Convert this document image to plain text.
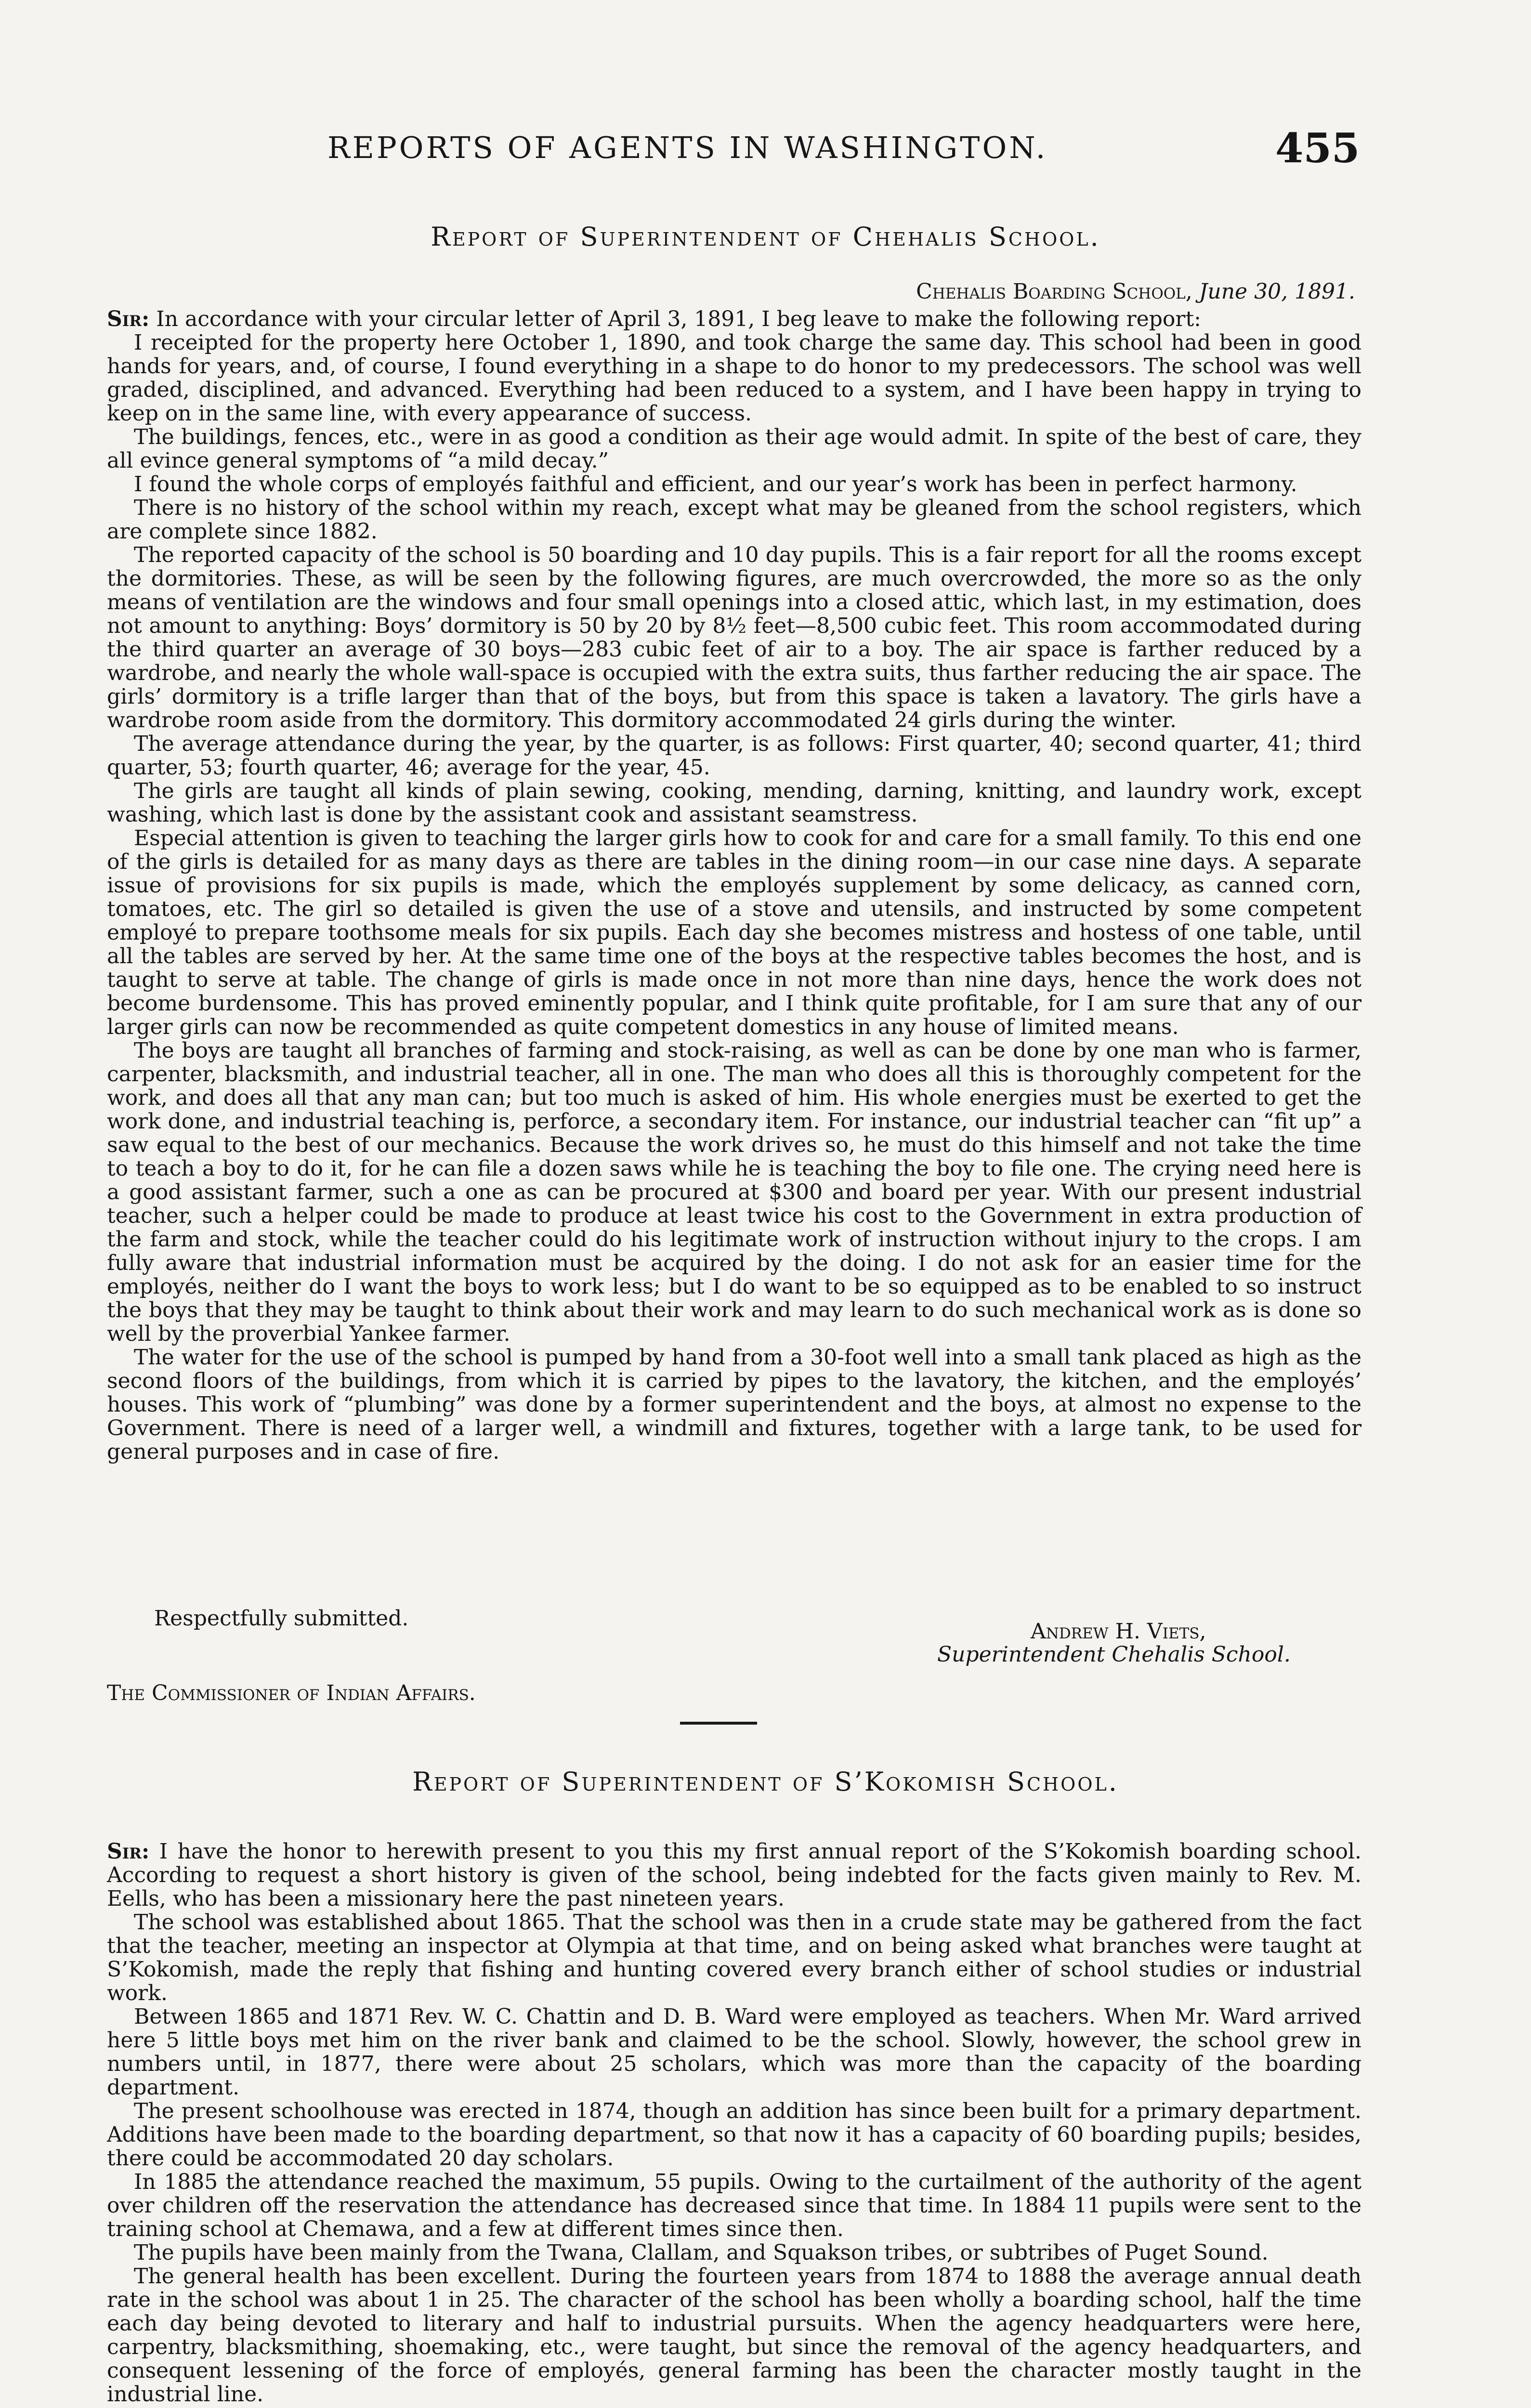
REPORTS OF AGENTS IN WASHINGTON.	455
Report of Superintendent of Chehalis School.
Chehalis Boarding School, June 30, 1891.

Sir: In accordance with your circular letter of April 3, 1891, I beg leave to make the following report:

I receipted for the property here October 1, 1890, and took charge the same day. This school had been in good hands for years, and, of course, I found everything in a shape to do honor to my predecessors. The school was well graded, disciplined, and advanced. Everything had been reduced to a system, and I have been happy in trying to keep on in the same line, with every appearance of success.

The buildings, fences, etc., were in as good a condition as their age would admit. In spite of the best of care, they all evince general symptoms of “a mild decay.”

I found the whole corps of employés faithful and efficient, and our year’s work has been in perfect harmony.

There is no history of the school within my reach, except what may be gleaned from the school registers, which are complete since 1882.

The reported capacity of the school is 50 boarding and 10 day pupils. This is a fair report for all the rooms except the dormitories. These, as will be seen by the following figures, are much overcrowded, the more so as the only means of ventilation are the windows and four small openings into a closed attic, which last, in my estimation, does not amount to anything: Boys’ dormitory is 50 by 20 by 8½ feet—8,500 cubic feet. This room accommodated during the third quarter an average of 30 boys—283 cubic feet of air to a boy. The air space is farther reduced by a wardrobe, and nearly the whole wall-space is occupied with the extra suits, thus farther reducing the air space. The girls’ dormitory is a trifle larger than that of the boys, but from this space is taken a lavatory. The girls have a wardrobe room aside from the dormitory. This dormitory accommodated 24 girls during the winter.

The average attendance during the year, by the quarter, is as follows: First quarter, 40; second quarter, 41; third quarter, 53; fourth quarter, 46; average for the year, 45.

The girls are taught all kinds of plain sewing, cooking, mending, darning, knitting, and laundry work, except washing, which last is done by the assistant cook and assistant seamstress.

Especial attention is given to teaching the larger girls how to cook for and care for a small family. To this end one of the girls is detailed for as many days as there are tables in the dining room—in our case nine days. A separate issue of provisions for six pupils is made, which the employés supplement by some delicacy, as canned corn, tomatoes, etc. The girl so detailed is given the use of a stove and utensils, and instructed by some competent employé to prepare toothsome meals for six pupils. Each day she becomes mistress and hostess of one table, until all the tables are served by her. At the same time one of the boys at the respective tables becomes the host, and is taught to serve at table. The change of girls is made once in not more than nine days, hence the work does not become burdensome. This has proved eminently popular, and I think quite profitable, for I am sure that any of our larger girls can now be recommended as quite competent domestics in any house of limited means.

The boys are taught all branches of farming and stock-raising, as well as can be done by one man who is farmer, carpenter, blacksmith, and industrial teacher, all in one. The man who does all this is thoroughly competent for the work, and does all that any man can; but too much is asked of him. His whole energies must be exerted to get the work done, and industrial teaching is, perforce, a secondary item. For instance, our industrial teacher can “fit up” a saw equal to the best of our mechanics. Because the work drives so, he must do this himself and not take the time to teach a boy to do it, for he can file a dozen saws while he is teaching the boy to file one. The crying need here is a good assistant farmer, such a one as can be procured at $300 and board per year. With our present industrial teacher, such a helper could be made to produce at least twice his cost to the Government in extra production of the farm and stock, while the teacher could do his legitimate work of instruction without injury to the crops. I am fully aware that industrial information must be acquired by the doing. I do not ask for an easier time for the employés, neither do I want the boys to work less; but I do want to be so equipped as to be enabled to so instruct the boys that they may be taught to think about their work and may learn to do such mechanical work as is done so well by the proverbial Yankee farmer.

The water for the use of the school is pumped by hand from a 30-foot well into a small tank placed as high as the second floors of the buildings, from which it is carried by pipes to the lavatory, the kitchen, and the employés’ houses. This work of “plumbing” was done by a former superintendent and the boys, at almost no expense to the Government. There is need of a larger well, a windmill and fixtures, together with a large tank, to be used for general purposes and in case of fire.

Respectfully submitted.
Andrew H. Viets,
Superintendent Chehalis School.
The Commissioner of Indian Affairs.
Report of Superintendent of S’Kokomish School.

Sir: I have the honor to herewith present to you this my first annual report of the S’Kokomish boarding school. According to request a short history is given of the school, being indebted for the facts given mainly to Rev. M. Eells, who has been a missionary here the past nineteen years.

The school was established about 1865. That the school was then in a crude state may be gathered from the fact that the teacher, meeting an inspector at Olympia at that time, and on being asked what branches were taught at S’Kokomish, made the reply that fishing and hunting covered every branch either of school studies or industrial work.

Between 1865 and 1871 Rev. W. C. Chattin and D. B. Ward were employed as teachers. When Mr. Ward arrived here 5 little boys met him on the river bank and claimed to be the school. Slowly, however, the school grew in numbers until, in 1877, there were about 25 scholars, which was more than the capacity of the boarding department.

The present schoolhouse was erected in 1874, though an addition has since been built for a primary department. Additions have been made to the boarding department, so that now it has a capacity of 60 boarding pupils; besides, there could be accommodated 20 day scholars.

In 1885 the attendance reached the maximum, 55 pupils. Owing to the curtailment of the authority of the agent over children off the reservation the attendance has decreased since that time. In 1884 11 pupils were sent to the training school at Chemawa, and a few at different times since then.

The pupils have been mainly from the Twana, Clallam, and Squakson tribes, or subtribes of Puget Sound.

The general health has been excellent. During the fourteen years from 1874 to 1888 the average annual death rate in the school was about 1 in 25. The character of the school has been wholly a boarding school, half the time each day being devoted to literary and half to industrial pursuits. When the agency headquarters were here, carpentry, blacksmithing, shoemaking, etc., were taught, but since the removal of the agency headquarters, and consequent lessening of the force of employés, general farming has been the character mostly taught in the industrial line.
